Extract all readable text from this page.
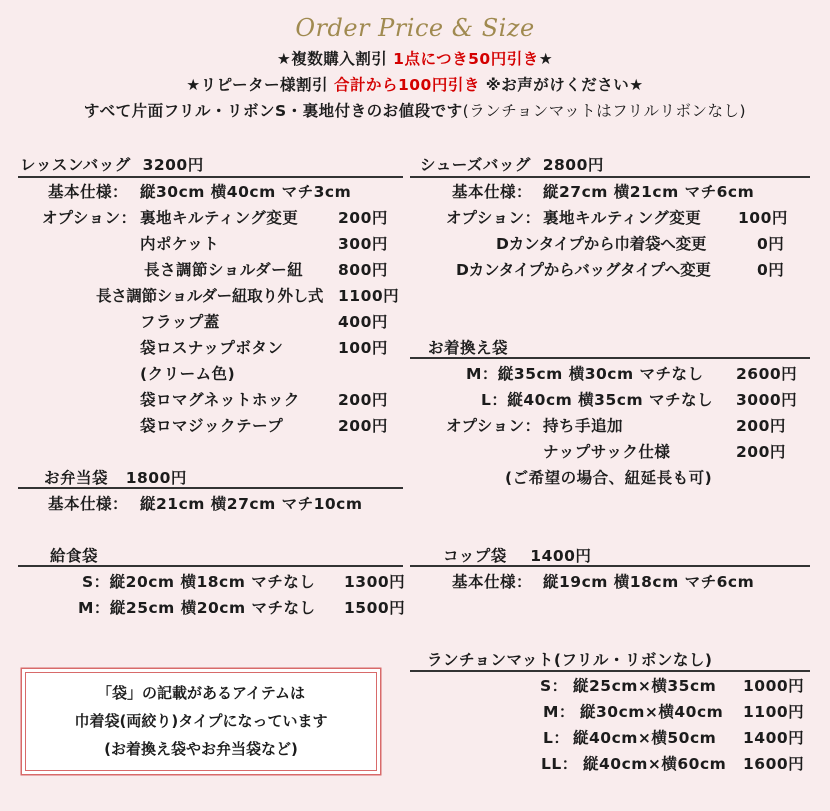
Order Price & Size
★複数購入割引 1点につき50円引き★
★リピーター様割引 合計から100円引き ※お声がけください★
すべて片面フリル・リボンS・裏地付きのお値段です(ランチョンマットはフリルリボンなし)
レッスンバッグ 3200円
基本仕様： 縦30cm 横40cm マチ3cm
オプション： 裏地キルティング変更	200円
内ポケット	300円
長さ調節ショルダー紐 800円
長さ調節ショルダー紐取り外し式 1100円
フラップ蓋	400円
袋ロスナップボタン	100円
(クリーム色)
袋ロマグネットホック 200円
袋ロマジックテープ	200円
シューズバッグ 2800円
基本仕様： 縦27cm 横21cm マチ6cm
オプション： 裏地キルティング変更 100円
Dカンタイプから巾着袋へ変更	0円
Dカンタイプからバッグタイプへ変更	0円
お着換え袋
M：縦35cm 横30cm マチなし 2600円
L：縦40cm 横35cm マチなし 3000円
オプション： 持ち手追加	200円
ナップサック仕様	200円
(ご希望の場合、紐延長も可)
お弁当袋 1800円
基本仕様： 縦21cm 横27cm マチ10cm
給食袋
S：縦20cm 横18cm マチなし 1300円
M：縦25cm 横20cm マチなし 1500円
コップ袋 1400円
基本仕様： 縦19cm 横18cm マチ6cm
「袋」の記載があるアイテムは
巾着袋(両絞り)タイプになっています
(お着換え袋やお弁当袋など)
ランチョンマット(フリル・リボンなし)
S： 縦25cm×横35cm 1000円
M： 縦30cm×横40cm 1100円
L： 縦40cm×横50cm 1400円
LL： 縦40cm×横60cm 1600円
